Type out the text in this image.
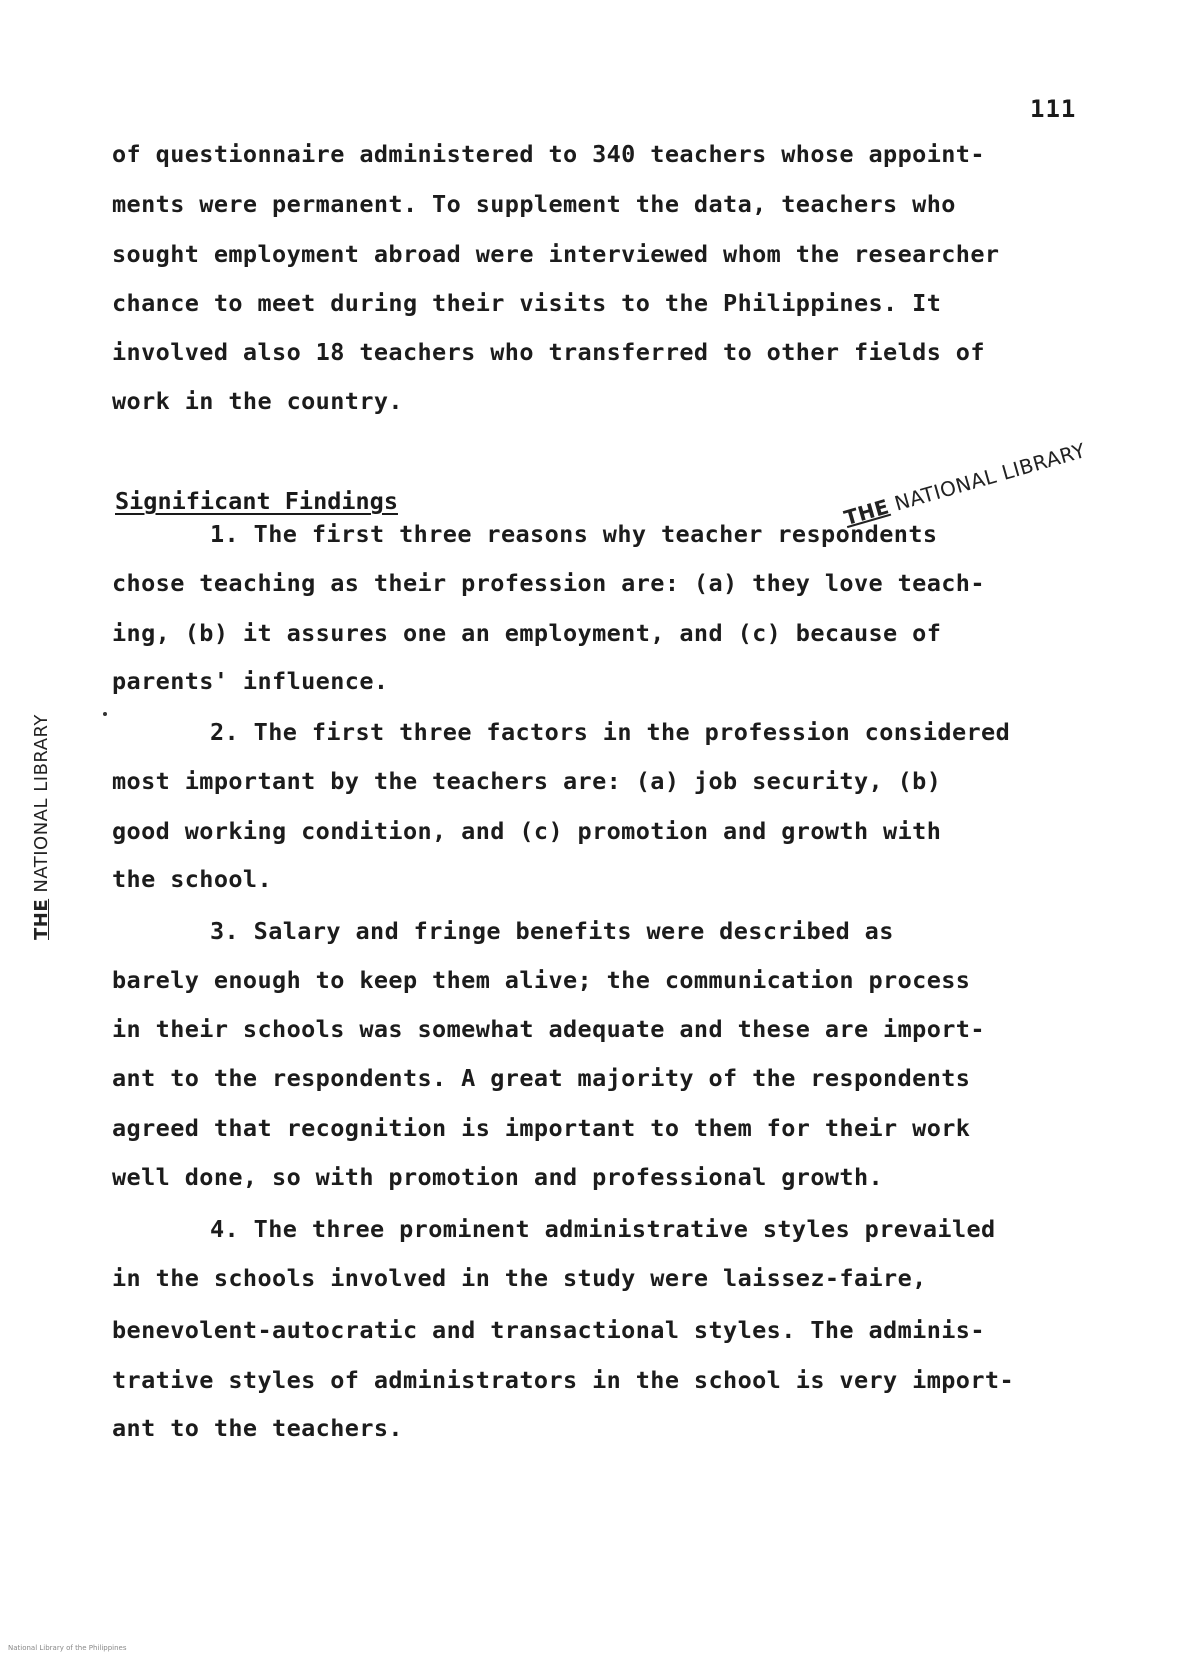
111
of questionnaire administered to 340 teachers whose appoint-
ments were permanent. To supplement the data, teachers who
sought employment abroad were interviewed whom the researcher
chance to meet during their visits to the Philippines. It
involved also 18 teachers who transferred to other fields of
work in the country.
Significant Findings	THE NATIONAL LIBRARY
THE NATIONAL LIBRARY
1. The first three reasons why teacher respondents
chose teaching as their profession are: (a) they love teach-
ing, (b) it assures one an employment, and (c) because of
parents' influence.
2. The first three factors in the profession considered
most important by the teachers are: (a) job security, (b)
good working condition, and (c) promotion and growth with
the school.
3. Salary and fringe benefits were described as
barely enough to keep them alive; the communication process
in their schools was somewhat adequate and these are import-
ant to the respondents. A great majority of the respondents
agreed that recognition is important to them for their work
well done, so with promotion and professional growth.
4. The three prominent administrative styles prevailed
in the schools involved in the study were laissez-faire,
benevolent-autocratic and transactional styles. The adminis-
trative styles of administrators in the school is very import-
ant to the teachers.
National Library of the Philippines
